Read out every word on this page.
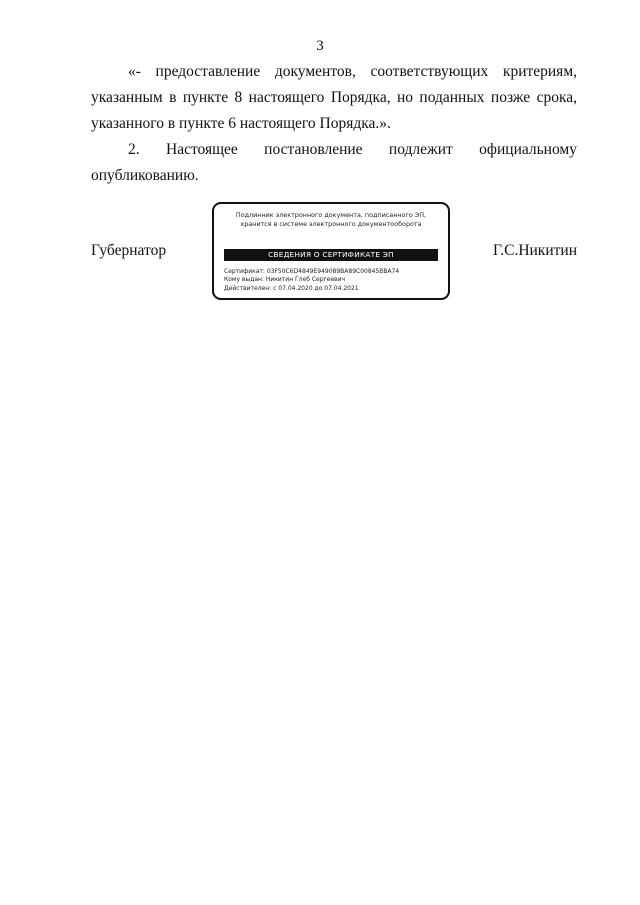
3
«- предоставление документов, соответствующих критериям,
указанным в пункте 8 настоящего Порядка, но поданных позже срока,
указанного в пункте 6 настоящего Порядка.».
2. Настоящее постановление подлежит официальному
опубликованию.
Губернатор	Г.С.Никитин
Подлинник электронного документа, подписанного ЭП,
хранится в системе электронного документооборота
СВЕДЕНИЯ О СЕРТИФИКАТЕ ЭП
Сертификат: 03F50C6D4849E949089BA89C00845BBA74
Кому выдан: Никитин Глеб Сергеевич
Действителен: с 07.04.2020 до 07.04.2021
